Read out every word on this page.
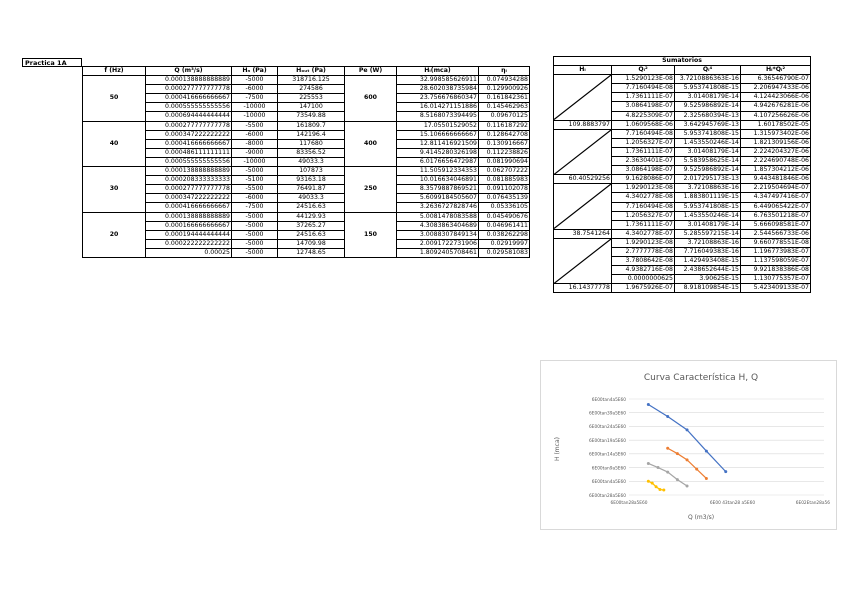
Practica 1A
f (Hz)	Q (m³/s)	Hₙ (Pa)	Hₒᵤₜ (Pa)	Pe (W)	Hᵢ(mca)	ηᵢ
50	0.000138888888889	-5000	318716.125	600	32.998585626911	0.074934288
	0.000277777777778	-6000	274586		28.602038735984	0.129900926
	0.000416666666667	-7500	225553		23.756676860347	0.161842361
	0.000555555555556	-10000	147100		16.014271151886	0.145462963
	0.000694444444444	-10000	73549.88		8.5168073394495	0.09670125
40	0.000277777777778	-5500	161809.7	400	17.05501529052	0.116187292
	0.000347222222222	-6000	142196.4		15.106666666667	0.128642708
	0.000416666666667	-8000	117680		12.811416921509	0.130916667
	0.000486111111111	-9000	83356.52		9.4145280326198	0.112238826
	0.000555555555556	-10000	49033.3		6.0176656472987	0.081990694
30	0.000138888888889	-5000	107873	250	11.505912334353	0.062707222
	0.000208333333333	-5100	93163.18		10.016634046891	0.081885983
	0.000277777777778	-5500	76491.87		8.3579887869521	0.091102078
	0.000347222222222	-6000	49033.3		5.6099184505607	0.076435139
	0.000416666666667	-7500	24516.63		3.2636727828746	0.05336105
20	0.000138888888889	-5000	44129.93	150	5.0081478083588	0.045490676
	0.000166666666667	-5000	37265.27		4.3083863404689	0.046961411
	0.000194444444444	-5000	24516.63		3.0088307849134	0.038262298
	0.000222222222222	-5000	14709.98		2.0091722731906	0.02919997
	0.00025	-5000	12748.65		1.8092405708461	0.029581083
Sumatorios			
Hᵢ	Qᵢ²	Qᵢ⁴	Hᵢ*Qᵢ²

	1.5290123E-08	3.7210886363E-16	6.36546790E-07
	7.7160494E-08	5.953741808E-15	2.206947433E-06
	1.7361111E-07	3.01408179E-14	4.124423066E-06
	3.0864198E-07	9.525986892E-14	4.942676281E-06
	4.8225309E-07	2.325680394E-13	4.107256626E-06
109.8883797	1.0609568E-06	3.642945769E-13	1.60178502E-05

	7.7160494E-08	5.953741808E-15	1.315973402E-06
	1.2056327E-07	1.453550246E-14	1.821309156E-06
	1.7361111E-07	3.01408179E-14	2.224204327E-06
	2.3630401E-07	5.583958625E-14	2.224690748E-06
	3.0864198E-07	9.525986892E-14	1.857304212E-06
60.40529256	9.1628086E-07	2.017295173E-13	9.443481846E-06

	1.9290123E-08	3.72108863E-16	2.219504694E-07
	4.3402778E-08	1.883801119E-15	4.347497416E-07
	7.7160494E-08	5.953741808E-15	6.449065422E-07
	1.2056327E-07	1.453550246E-14	6.763501218E-07
	1.7361111E-07	3.01408179E-14	5.666098581E-07
38.7541264	4.3402778E-07	5.285597215E-14	2.544566733E-06

	1.9290123E-08	3.72108863E-16	9.660778551E-08
	2.7777778E-08	7.716049383E-16	1.196773983E-07
	3.7808642E-08	1.429493408E-15	1.137598059E-07
	4.9382716E-08	2.438652644E-15	9.921838386E-08
	0.0000000625	3.90625E-15	1.130775357E-07
16.14377778	1.9675926E-07	8.918109854E-15	5.423409133E-07
Curva Característica H, Q
6E00tan4a5E60
6E00tan39a5E60
6E00tan24a5E60
6E00tan19a5E60
6E00tan14a5E60
6E00tan9a5E60
6E00tan4a5E60
6E00tan28a5E60
6E00tan28a5E60	6E00 43tan28 a5E60	6E02Etan28a56
Q (m3/s)
H (mca)
